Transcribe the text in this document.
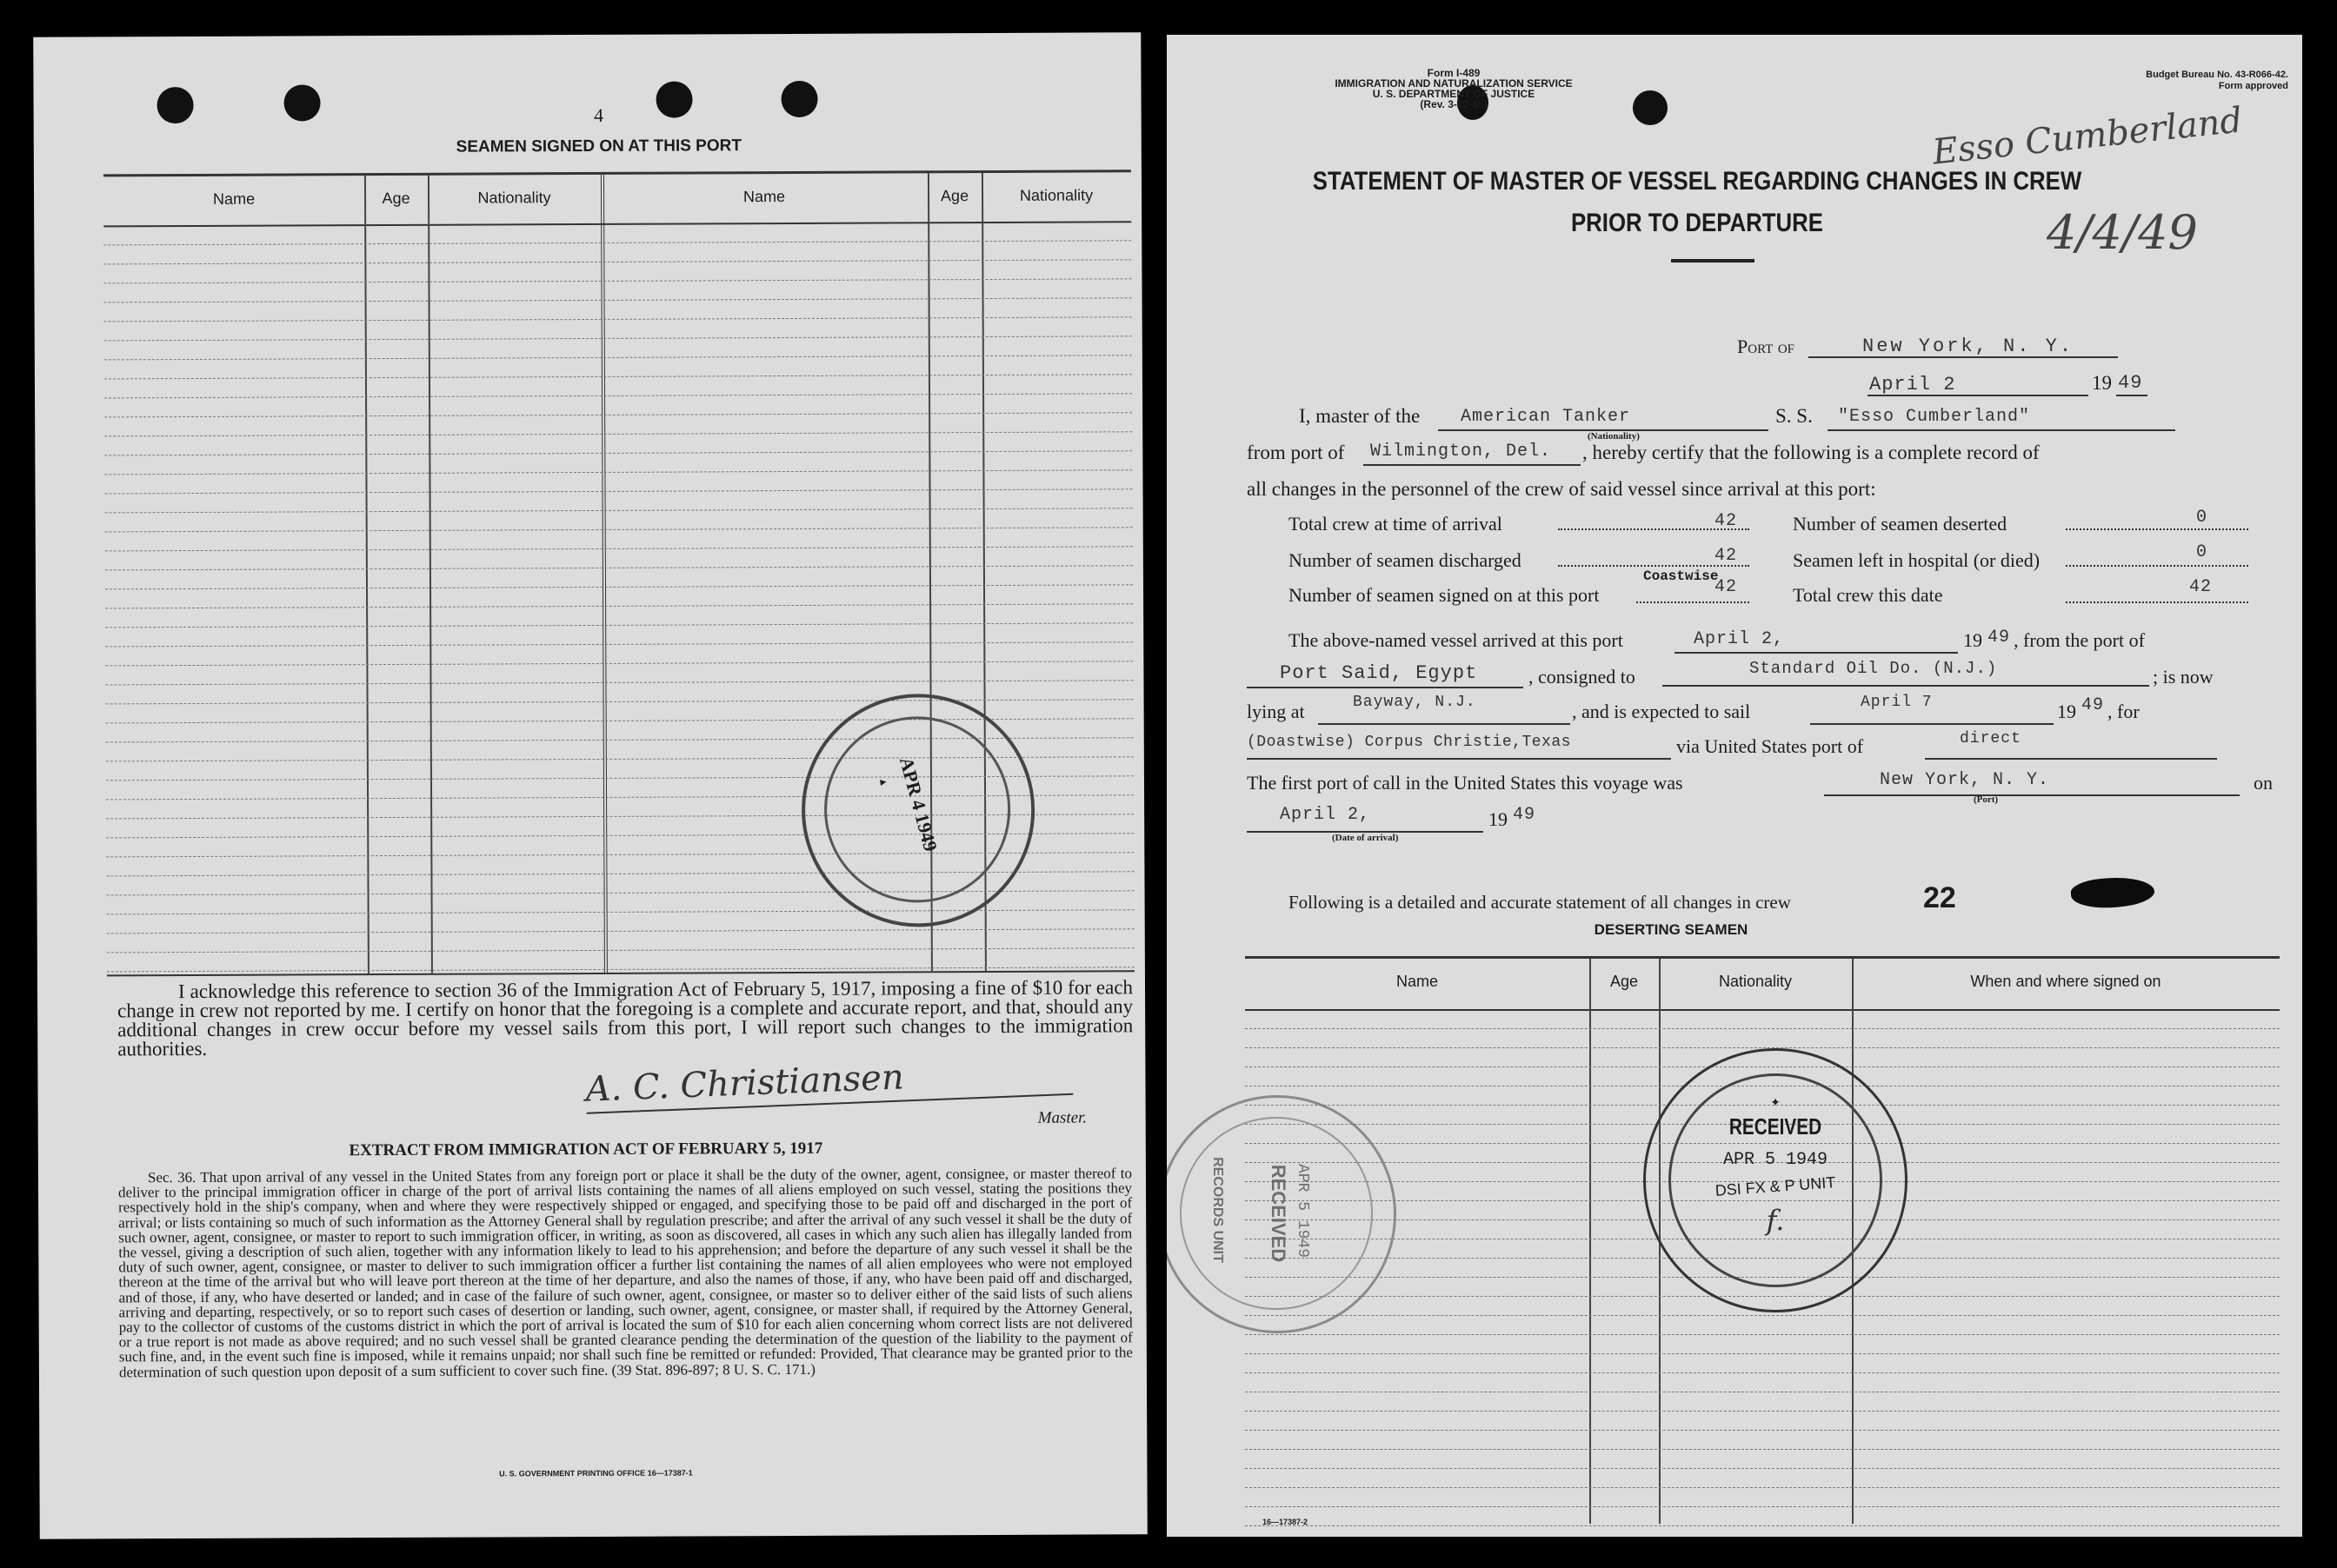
4
SEAMEN SIGNED ON AT THIS PORT
Name	Age	Nationality	Name	Age	Nationality
APR 4 1949
▲
I acknowledge this reference to section 36 of the Immigration Act of February 5, 1917, imposing a fine of $10 for each change in crew not reported by me. I certify on honor that the foregoing is a complete and accurate report, and that, should any additional changes in crew occur before my vessel sails from this port, I will report such changes to the immigration authorities.
A. C. Christiansen
Master.
EXTRACT FROM IMMIGRATION ACT OF FEBRUARY 5, 1917
Sec. 36. That upon arrival of any vessel in the United States from any foreign port or place it shall be the duty of the owner, agent, consignee, or master thereof to deliver to the principal immigration officer in charge of the port of arrival lists containing the names of all aliens employed on such vessel, stating the positions they respectively hold in the ship's company, when and where they were respectively shipped or engaged, and specifying those to be paid off and discharged in the port of arrival; or lists containing so much of such information as the Attorney General shall by regulation prescribe; and after the arrival of any such vessel it shall be the duty of such owner, agent, consignee, or master to report to such immigration officer, in writing, as soon as discovered, all cases in which any such alien has illegally landed from the vessel, giving a description of such alien, together with any information likely to lead to his apprehension; and before the departure of any such vessel it shall be the duty of such owner, agent, consignee, or master to deliver to such immigration officer a further list containing the names of all alien employees who were not employed thereon at the time of the arrival but who will leave port thereon at the time of her departure, and also the names of those, if any, who have been paid off and discharged, and of those, if any, who have deserted or landed; and in case of the failure of such owner, agent, consignee, or master so to deliver either of the said lists of such aliens arriving and departing, respectively, or so to report such cases of desertion or landing, such owner, agent, consignee, or master shall, if required by the Attorney General, pay to the collector of customs of the customs district in which the port of arrival is located the sum of $10 for each alien concerning whom correct lists are not delivered or a true report is not made as above required; and no such vessel shall be granted clearance pending the determination of the question of the liability to the payment of such fine, and, in the event such fine is imposed, while it remains unpaid; nor shall such fine be remitted or refunded: Provided, That clearance may be granted prior to the determination of such question upon deposit of a sum sufficient to cover such fine. (39 Stat. 896-897; 8 U. S. C. 171.)
U. S. GOVERNMENT PRINTING OFFICE 16—17387-1
Form I-489
IMMIGRATION AND NATURALIZATION SERVICE
U. S. DEPARTMENT OF JUSTICE
(Rev. 3-22-45)
Budget Bureau No. 43-R066-42.
Form approved
Esso Cumberland
4/4/49
STATEMENT OF MASTER OF VESSEL REGARDING CHANGES IN CREW
PRIOR TO DEPARTURE
Port of	New York, N. Y.
April 2	19 49
I, master of the American Tanker	S. S. "Esso Cumberland"
(Nationality)
from port of Wilmington, Del. , hereby certify that the following is a complete record of
all changes in the personnel of the crew of said vessel since arrival at this port:
Total crew at time of arrival	42	Number of seamen deserted	0
Number of seamen discharged	42	Seamen left in hospital (or died)	0
Coastwise
Number of seamen signed on at this port	42	Total crew this date	42
The above-named vessel arrived at this port	April 2,	19 49 , from the port of
Port Said, Egypt	, consigned to	Standard Oil Do. (N.J.)	; is now
lying at	Bayway, N.J.	, and is expected to sail	April 7	19 49 , for
(Doastwise) Corpus Christie,Texas	via United States port of	direct
The first port of call in the United States this voyage was	New York, N. Y.	on
(Port)
April 2,	19 49
(Date of arrival)
Following is a detailed and accurate statement of all changes in crew	22
DESERTING SEAMEN
Name	Age	Nationality	When and where signed on
✦
RECEIVED
APR 5 1949
DSI FX & P UNIT
f.
RECEIVED APR 5 1949
RECORDS UNIT
16—17387-2
